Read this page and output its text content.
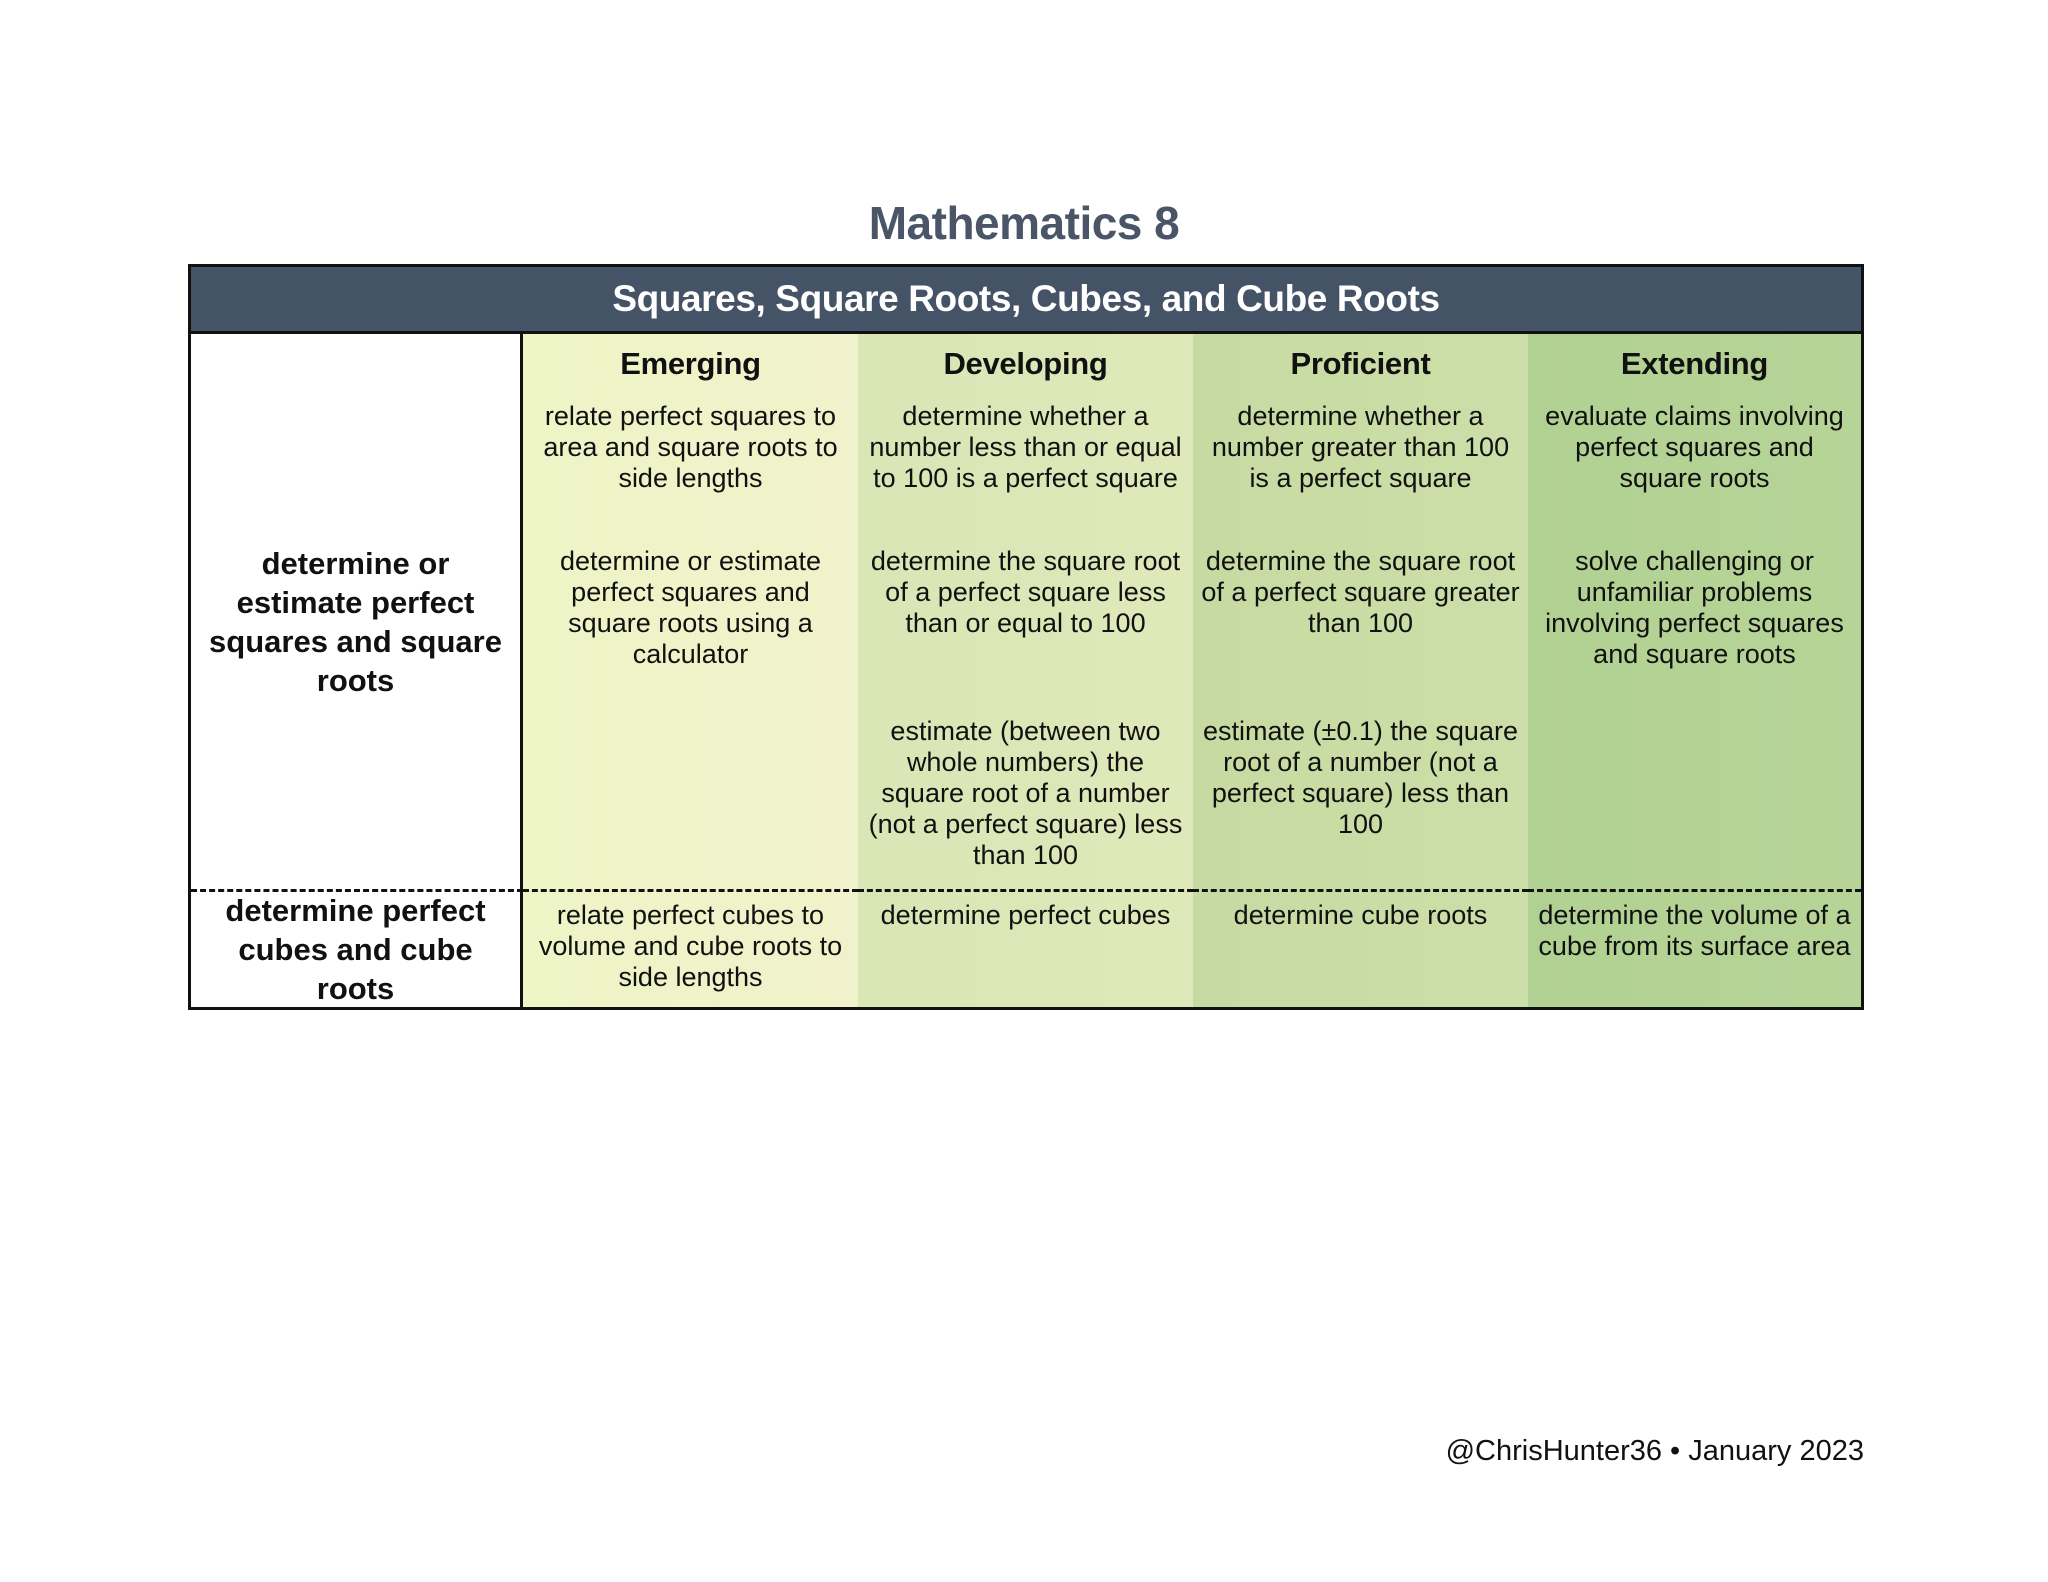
Mathematics 8
Squares, Square Roots, Cubes, and Cube Roots
determine or estimate perfect squares and square roots
Emerging
relate perfect squares to area and square roots to side lengths
determine or estimate perfect squares and square roots using a calculator
Developing
determine whether a number less than or equal to 100 is a perfect square
determine the square root of a perfect square less than or equal to 100
estimate (between two whole numbers) the square root of a number (not a perfect square) less than 100
Proficient
determine whether a number greater than 100 is a perfect square
determine the square root of a perfect square greater than 100
estimate (±0.1) the square root of a number (not a perfect square) less than 100
Extending
evaluate claims involving perfect squares and square roots
solve challenging or unfamiliar problems involving perfect squares and square roots
determine perfect cubes and cube roots
relate perfect cubes to volume and cube roots to side lengths
determine perfect cubes	determine cube roots	determine the volume of a cube from its surface area
@ChrisHunter36 • January 2023
